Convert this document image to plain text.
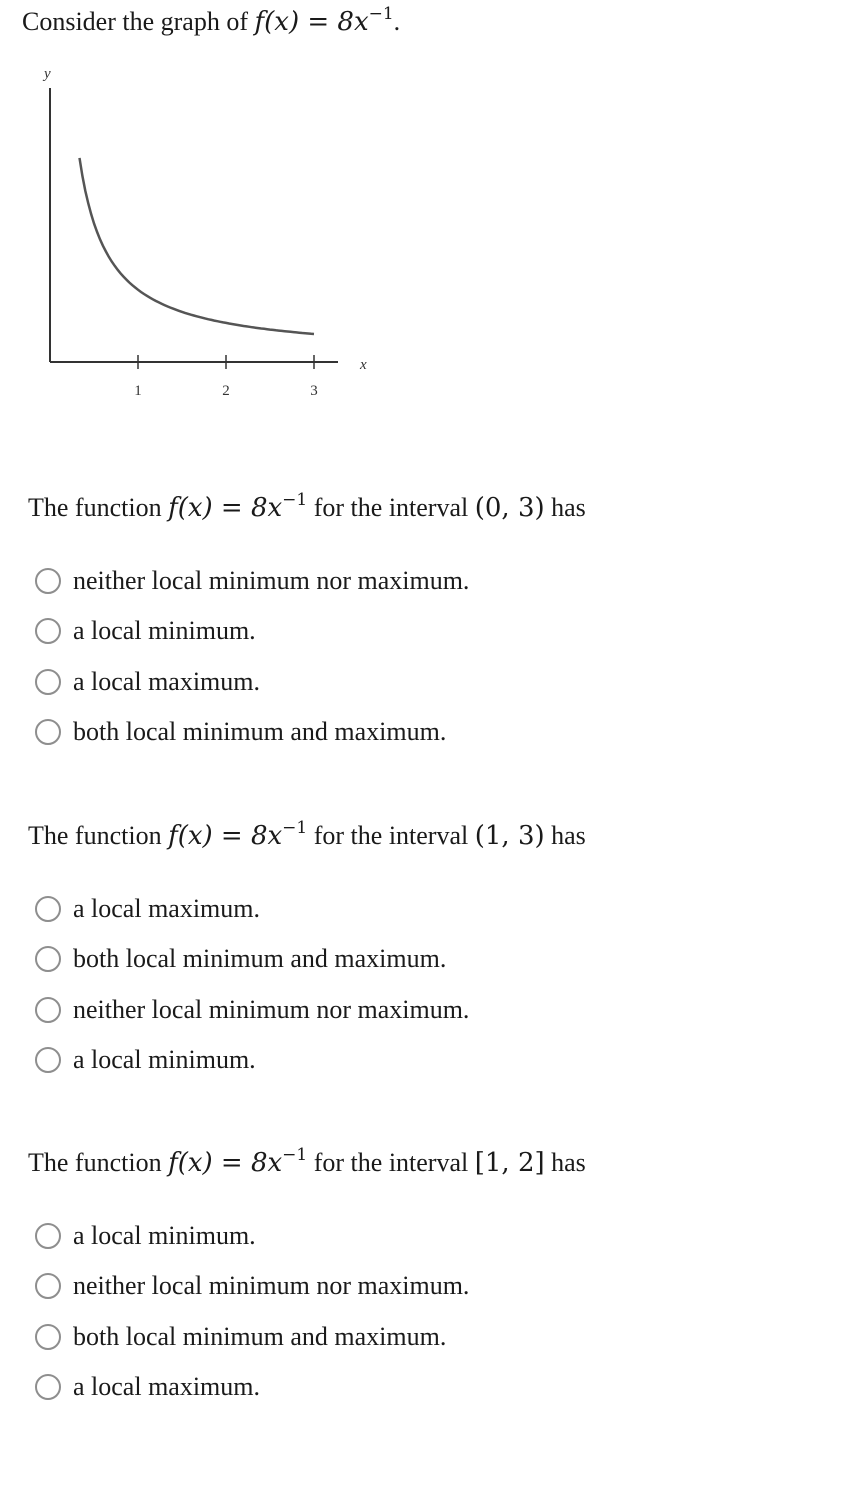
Consider the graph of $f(x) = 8x^{-1}$.
y
x
1	2	3
The function $f(x) = 8x^{-1}$ for the interval (0, 3) has
neither local minimum nor maximum.
a local minimum.
a local maximum.
both local minimum and maximum.
The function $f(x) = 8x^{-1}$ for the interval (1, 3) has
a local maximum.
both local minimum and maximum.
neither local minimum nor maximum.
a local minimum.
The function $f(x) = 8x^{-1}$ for the interval [1, 2] has
a local minimum.
neither local minimum nor maximum.
both local minimum and maximum.
a local maximum.
